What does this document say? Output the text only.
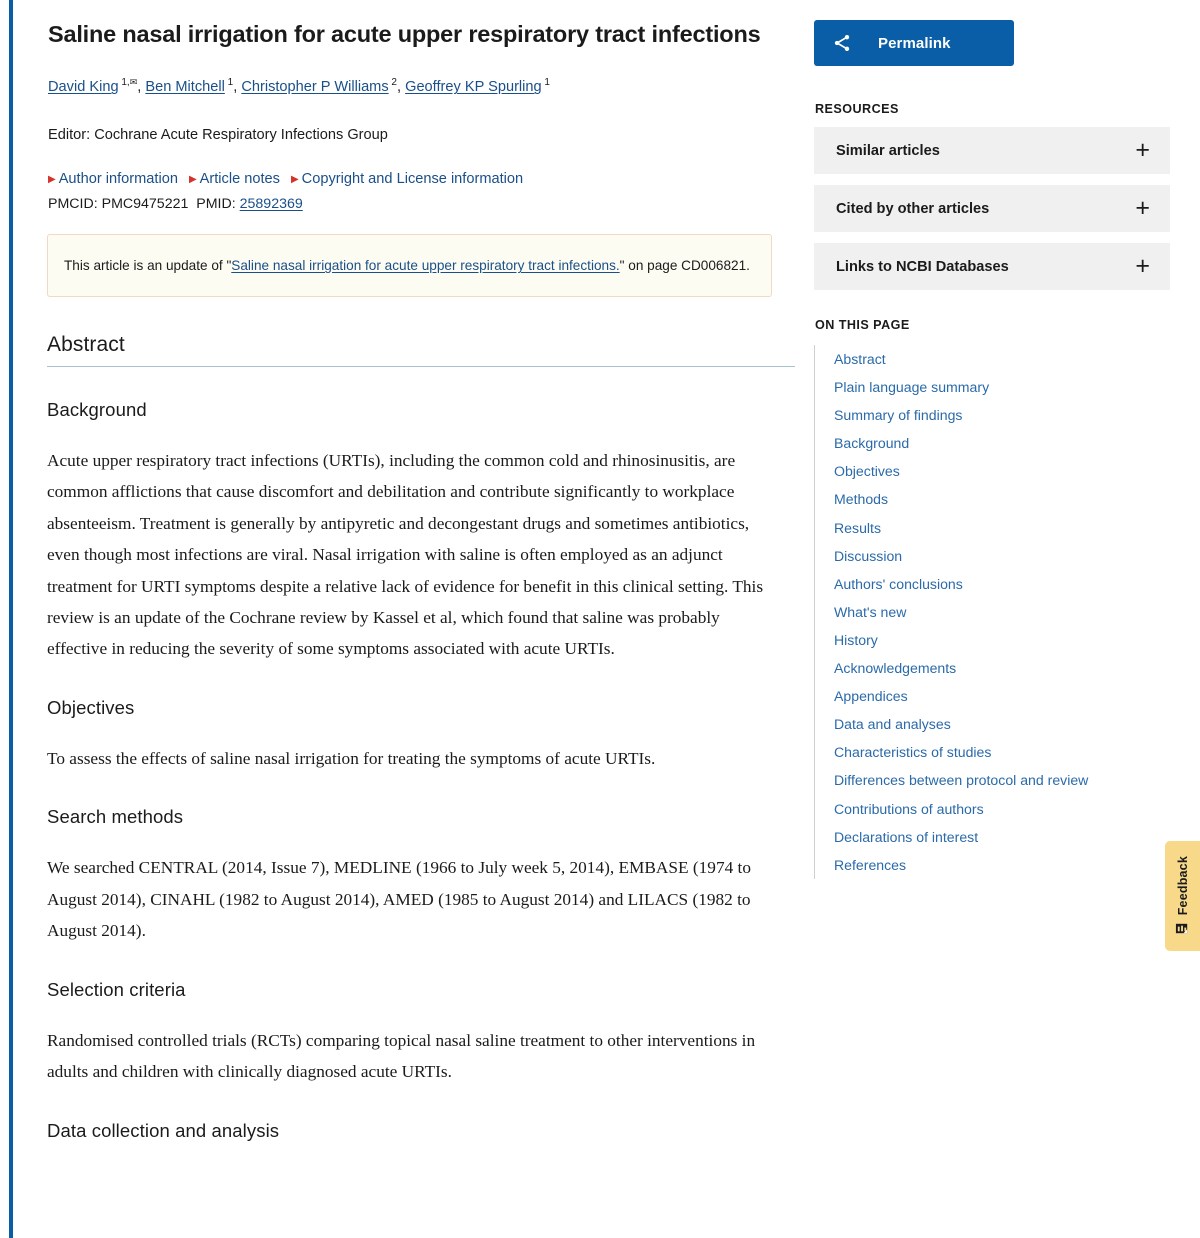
Saline nasal irrigation for acute upper respiratory tract infections
David King $^{1,✉}$, Ben Mitchell $^1$, Christopher P Williams $^2$, Geoffrey KP Spurling $^1$
Editor: Cochrane Acute Respiratory Infections Group
▶ Author information ▶ Article notes ▶ Copyright and License information
PMCID: PMC9475221 PMID: 25892369
This article is an update of "Saline nasal irrigation for acute upper respiratory tract infections." on page CD006821.
Abstract
Background

Acute upper respiratory tract infections (URTIs), including the common cold and rhinosinusitis, are common afflictions that cause discomfort and debilitation and contribute significantly to workplace absenteeism. Treatment is generally by antipyretic and decongestant drugs and sometimes antibiotics, even though most infections are viral. Nasal irrigation with saline is often employed as an adjunct treatment for URTI symptoms despite a relative lack of evidence for benefit in this clinical setting. This review is an update of the Cochrane review by Kassel et al, which found that saline was probably effective in reducing the severity of some symptoms associated with acute URTIs.

Objectives

To assess the effects of saline nasal irrigation for treating the symptoms of acute URTIs.

Search methods

We searched CENTRAL (2014, Issue 7), MEDLINE (1966 to July week 5, 2014), EMBASE (1974 to August 2014), CINAHL (1982 to August 2014), AMED (1985 to August 2014) and LILACS (1982 to August 2014).

Selection criteria

Randomised controlled trials (RCTs) comparing topical nasal saline treatment to other interventions in adults and children with clinically diagnosed acute URTIs.

Data collection and analysis
Permalink
RESOURCES
Similar articles	+
Cited by other articles	+
Links to NCBI Databases	+
ON THIS PAGE
Abstract
Plain language summary
Summary of findings
Background
Objectives
Methods
Results
Discussion
Authors' conclusions
What's new
History
Acknowledgements
Appendices
Data and analyses
Characteristics of studies
Differences between protocol and review
Contributions of authors
Declarations of interest
References	Feedback
